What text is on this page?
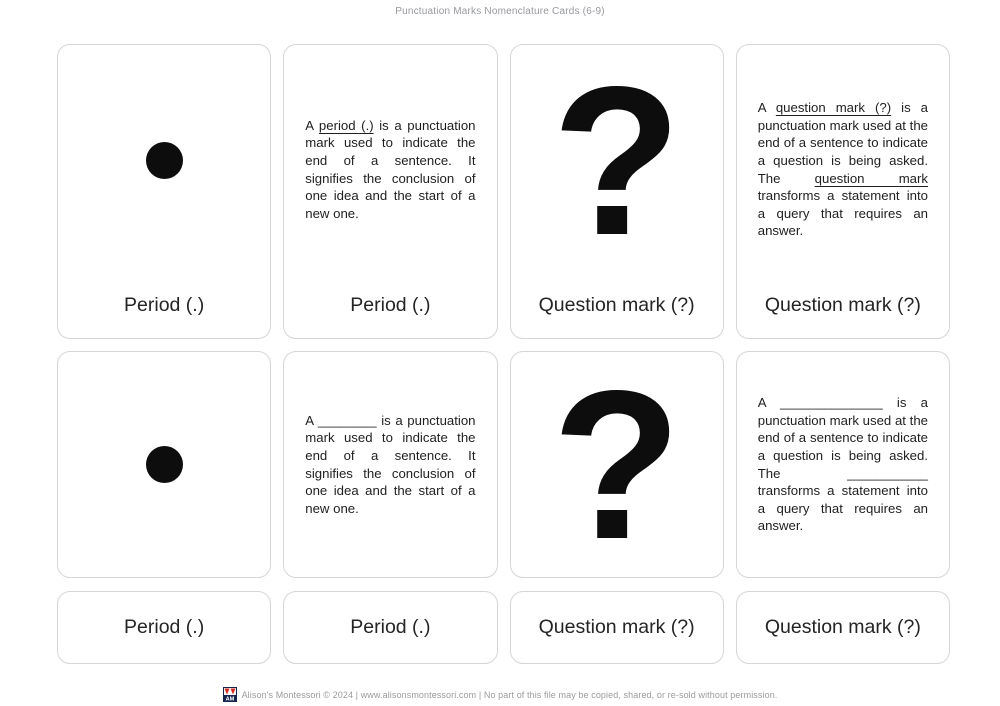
Punctuation Marks Nomenclature Cards (6-9)
Period (.)

A period (.) is a punctuation mark used to indicate the end of a sentence. It signifies the conclusion of one idea and the start of a new one.

Period (.)
?
Question mark (?)

A question mark (?) is a punctuation mark used at the end of a sentence to indicate a question is being asked. The question mark transforms a statement into a query that requires an answer.

Question mark (?)

A ________ is a punctuation mark used to indicate the end of a sentence. It signifies the conclusion of one idea and the start of a new one. ?	A ______________ is a punctuation mark used at the end of a sentence to indicate a question is being asked. The ___________ transforms a statement into a query that requires an answer.

Period (.)	Period (.)	Question mark (?)	Question mark (?)
AM
Alison's Montessori © 2024 | www.alisonsmontessori.com | No part of this file may be copied, shared, or re-sold without permission.
